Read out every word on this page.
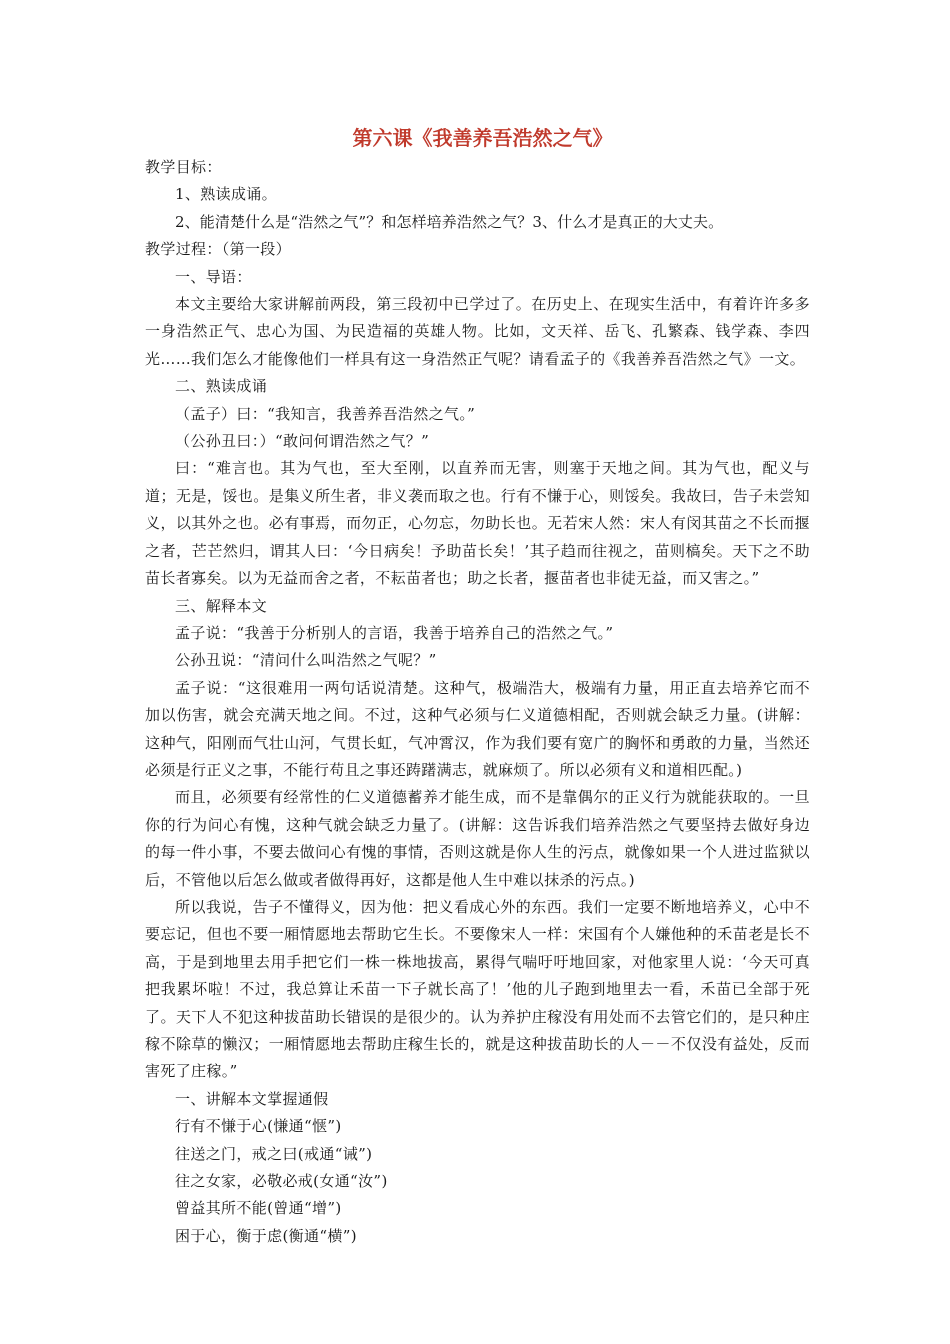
第六课《我善养吾浩然之气》
教学目标：
1、熟读成诵。
2、能清楚什么是“浩然之气”？和怎样培养浩然之气？3、什么才是真正的大丈夫。
教学过程：（第一段）
一、导语：
本文主要给大家讲解前两段，第三段初中已学过了。在历史上、在现实生活中，有着许许多多一身浩然正气、忠心为国、为民造福的英雄人物。比如，文天祥、岳飞、孔繁森、钱学森、李四光……我们怎么才能像他们一样具有这一身浩然正气呢？请看孟子的《我善养吾浩然之气》一文。
二、熟读成诵
（孟子）曰：“我知言，我善养吾浩然之气。”
（公孙丑曰：）“敢问何谓浩然之气？”
曰：“难言也。其为气也，至大至刚，以直养而无害，则塞于天地之间。其为气也，配义与道；无是，馁也。是集义所生者，非义袭而取之也。行有不慊于心，则馁矣。我故曰，告子未尝知义，以其外之也。必有事焉，而勿正，心勿忘，勿助长也。无若宋人然：宋人有闵其苗之不长而揠之者，芒芒然归，谓其人曰：‘今日病矣！予助苗长矣！’其子趋而往视之，苗则槁矣。天下之不助苗长者寡矣。以为无益而舍之者，不耘苗者也；助之长者，揠苗者也非徒无益，而又害之。”
三、解释本文
孟子说：“我善于分析别人的言语，我善于培养自己的浩然之气。”
公孙丑说：“清问什么叫浩然之气呢？”
孟子说：“这很难用一两句话说清楚。这种气，极端浩大，极端有力量，用正直去培养它而不加以伤害，就会充满天地之间。不过，这种气必须与仁义道德相配，否则就会缺乏力量。(讲解：这种气，阳刚而气壮山河，气贯长虹，气冲霄汉，作为我们要有宽广的胸怀和勇敢的力量，当然还必须是行正义之事，不能行苟且之事还踌躇满志，就麻烦了。所以必须有义和道相匹配。)
而且，必须要有经常性的仁义道德蓄养才能生成，而不是靠偶尔的正义行为就能获取的。一旦你的行为问心有愧，这种气就会缺乏力量了。(讲解：这告诉我们培养浩然之气要坚持去做好身边的每一件小事，不要去做问心有愧的事情，否则这就是你人生的污点，就像如果一个人进过监狱以后，不管他以后怎么做或者做得再好，这都是他人生中难以抹杀的污点。)
所以我说，告子不懂得义，因为他：把义看成心外的东西。我们一定要不断地培养义，心中不要忘记，但也不要一厢情愿地去帮助它生长。不要像宋人一样：宋国有个人嫌他种的禾苗老是长不高，于是到地里去用手把它们一株一株地拔高，累得气喘吁吁地回家，对他家里人说：‘今天可真把我累坏啦！不过，我总算让禾苗一下子就长高了！’他的儿子跑到地里去一看，禾苗已全部于死了。天下人不犯这种拔苗助长错误的是很少的。认为养护庄稼没有用处而不去管它们的，是只种庄稼不除草的懒汉；一厢情愿地去帮助庄稼生长的，就是这种拔苗助长的人－－不仅没有益处，反而害死了庄稼。”
一、讲解本文掌握通假
行有不慊于心(慊通“惬”)
往送之门，戒之曰(戒通“诫”)
往之女家，必敬必戒(女通“汝”)
曾益其所不能(曾通“增”)
困于心，衡于虑(衡通“横”)
